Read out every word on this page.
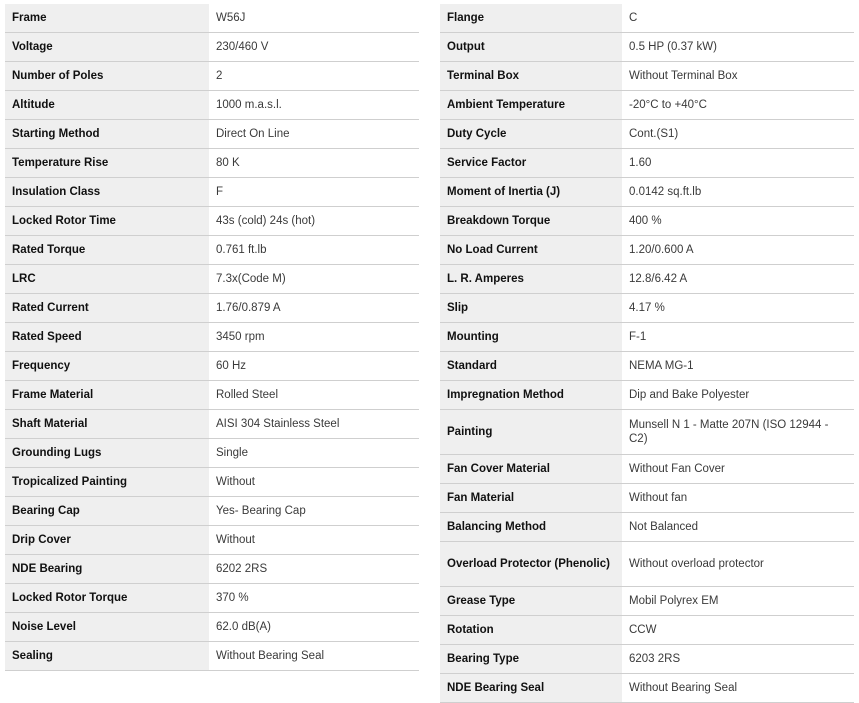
Frame	W56J
Voltage	230/460 V
Number of Poles	2
Altitude	1000 m.a.s.l.
Starting Method	Direct On Line
Temperature Rise	80 K
Insulation Class	F
Locked Rotor Time	43s (cold) 24s (hot)
Rated Torque	0.761 ft.lb
LRC	7.3x(Code M)
Rated Current	1.76/0.879 A
Rated Speed	3450 rpm
Frequency	60 Hz
Frame Material	Rolled Steel
Shaft Material	AISI 304 Stainless Steel
Grounding Lugs	Single
Tropicalized Painting	Without
Bearing Cap	Yes- Bearing Cap
Drip Cover	Without
NDE Bearing	6202 2RS
Locked Rotor Torque	370 %
Noise Level	62.0 dB(A)
Sealing	Without Bearing Seal
Flange	C
Output	0.5 HP (0.37 kW)
Terminal Box	Without Terminal Box
Ambient Temperature	-20°C to +40°C
Duty Cycle	Cont.(S1)
Service Factor	1.60
Moment of Inertia (J)	0.0142 sq.ft.lb
Breakdown Torque	400 %
No Load Current	1.20/0.600 A
L. R. Amperes	12.8/6.42 A
Slip	4.17 %
Mounting	F-1
Standard	NEMA MG-1
Impregnation Method	Dip and Bake Polyester
Painting	Munsell N 1 - Matte 207N (ISO 12944 - C2)
Fan Cover Material	Without Fan Cover
Fan Material	Without fan
Balancing Method	Not Balanced
Overload Protector (Phenolic)	Without overload protector
Grease Type	Mobil Polyrex EM
Rotation	CCW
Bearing Type	6203 2RS
NDE Bearing Seal	Without Bearing Seal
